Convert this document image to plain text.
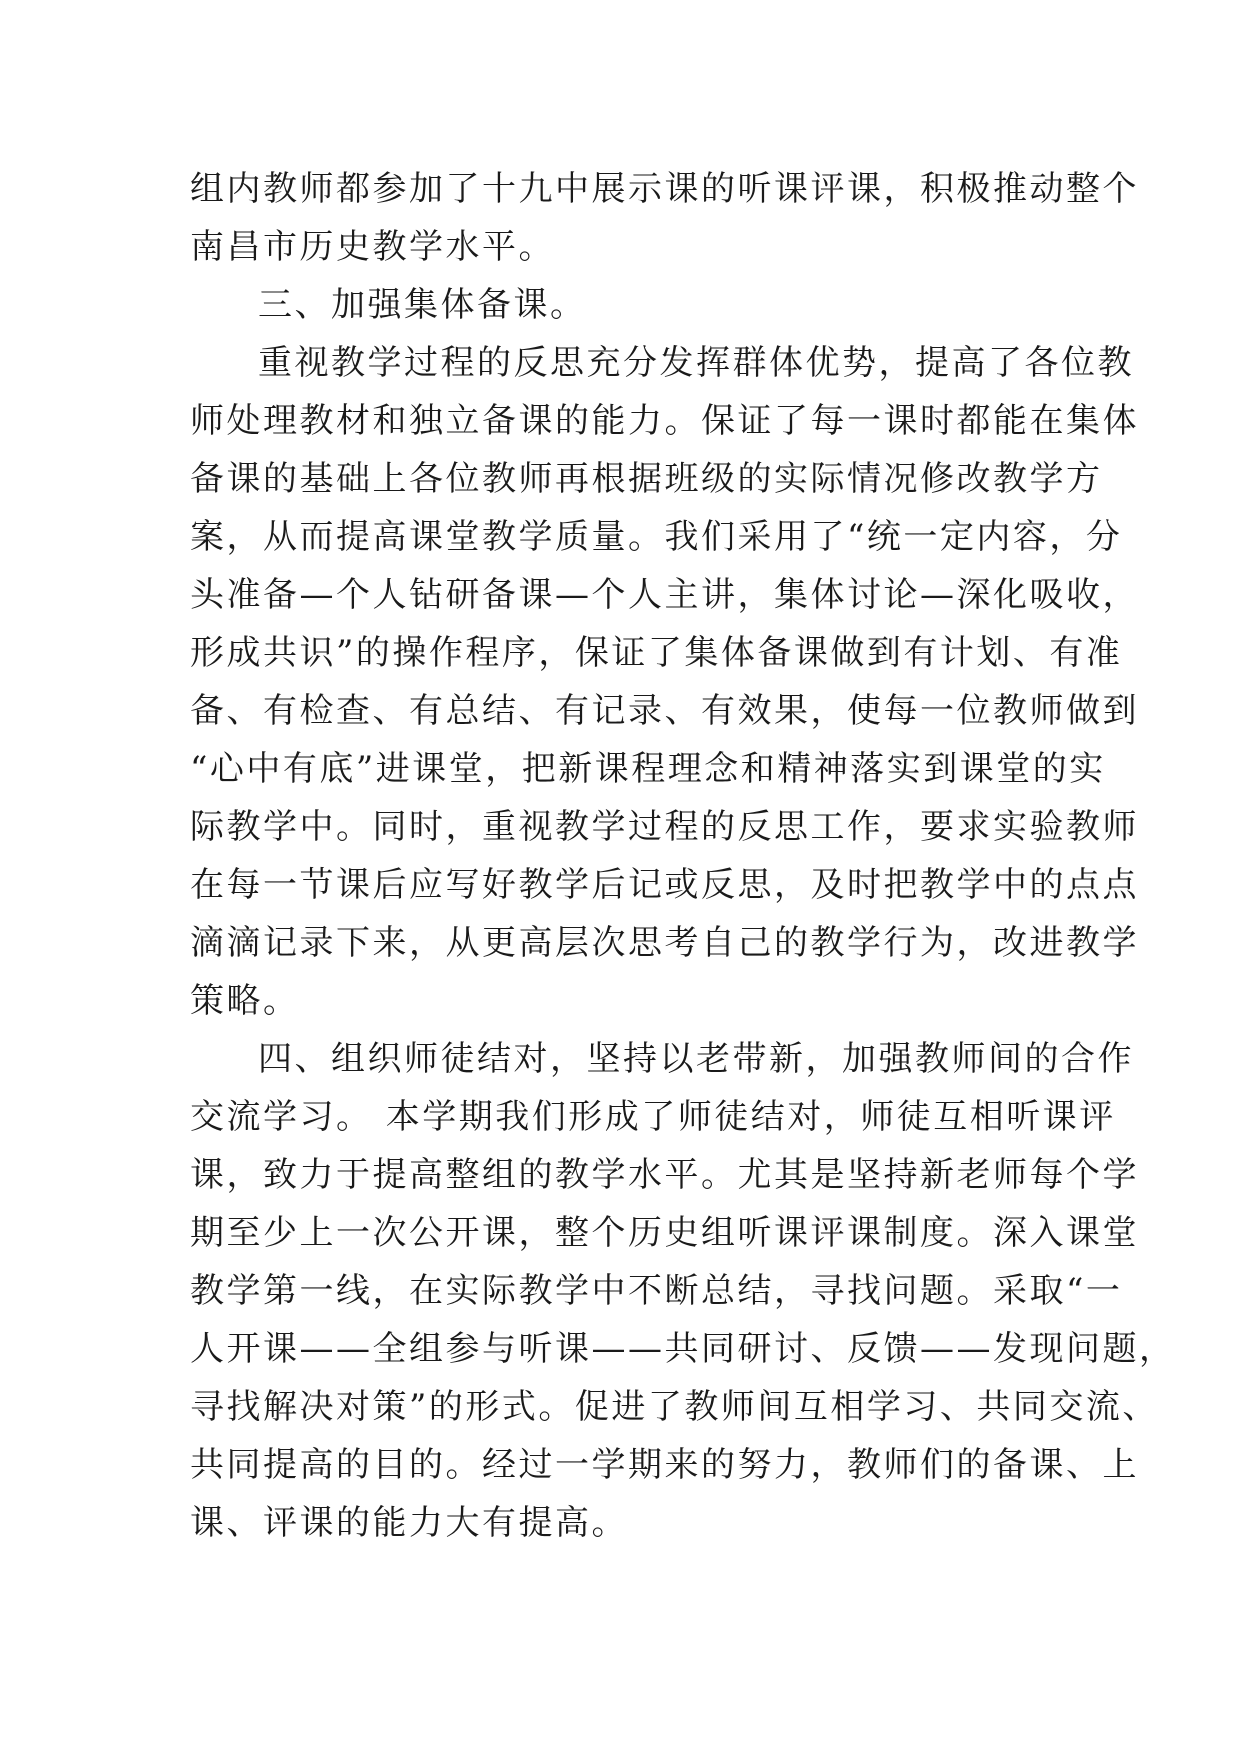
组内教师都参加了十九中展示课的听课评课，积极推动整个
南昌市历史教学水平。
三、加强集体备课。
重视教学过程的反思充分发挥群体优势，提高了各位教
师处理教材和独立备课的能力。保证了每一课时都能在集体
备课的基础上各位教师再根据班级的实际情况修改教学方
案，从而提高课堂教学质量。我们采用了“统一定内容，分
头准备—个人钻研备课—个人主讲，集体讨论—深化吸收，
形成共识”的操作程序，保证了集体备课做到有计划、有准
备、有检查、有总结、有记录、有效果，使每一位教师做到
“心中有底”进课堂，把新课程理念和精神落实到课堂的实
际教学中。同时，重视教学过程的反思工作，要求实验教师
在每一节课后应写好教学后记或反思，及时把教学中的点点
滴滴记录下来，从更高层次思考自己的教学行为，改进教学
策略。
四、组织师徒结对，坚持以老带新，加强教师间的合作
交流学习。 本学期我们形成了师徒结对，师徒互相听课评
课，致力于提高整组的教学水平。尤其是坚持新老师每个学
期至少上一次公开课，整个历史组听课评课制度。深入课堂
教学第一线，在实际教学中不断总结，寻找问题。采取“一
人开课——全组参与听课——共同研讨、反馈——发现问题，
寻找解决对策”的形式。促进了教师间互相学习、共同交流、
共同提高的目的。经过一学期来的努力，教师们的备课、上
课、评课的能力大有提高。
